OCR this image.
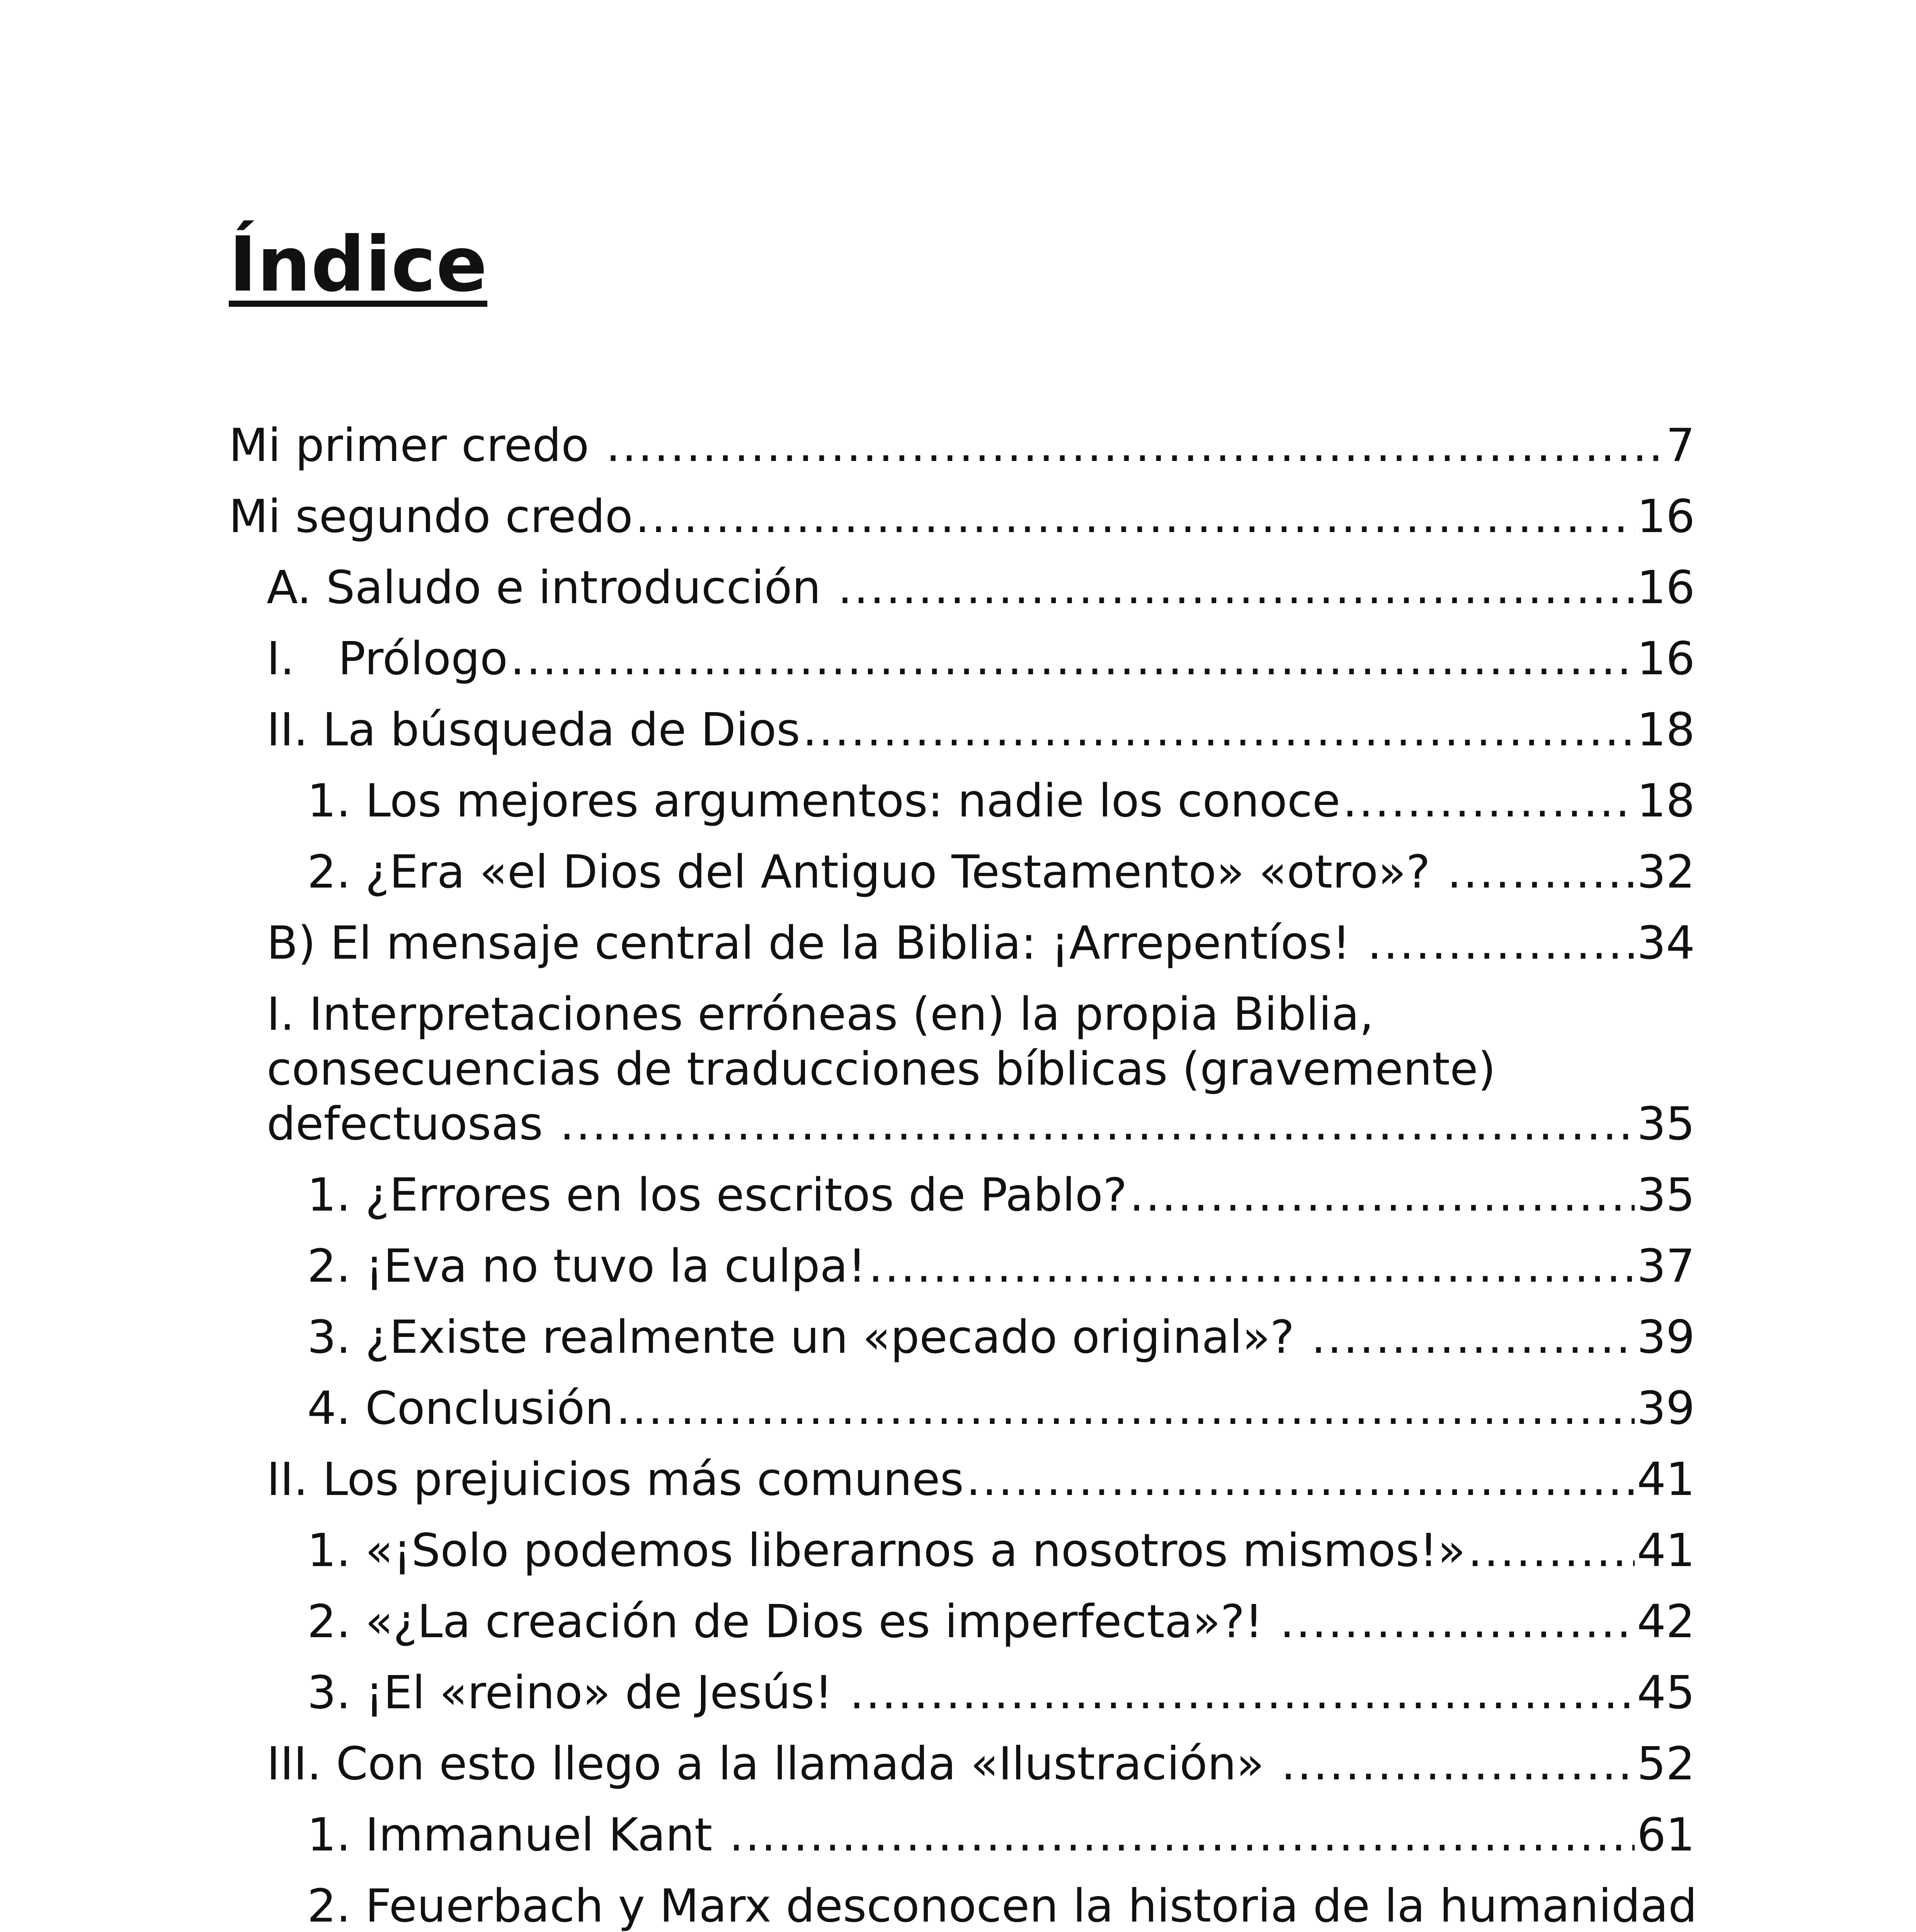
Índice
Mi primer credo .....	7
Mi segundo credo .....	16
A. Saludo e introducción .....	16
I.   Prólogo .....	16
II. La búsqueda de Dios .....	18
1. Los mejores argumentos: nadie los conoce .....	18
2. ¿Era «el Dios del Antiguo Testamento» «otro»? .....	32
B) El mensaje central de la Biblia: ¡Arrepentíos! .....	34
I. Interpretaciones erróneas (en) la propia Biblia,
consecuencias de traducciones bíblicas (gravemente)
defectuosas .....	35
1. ¿Errores en los escritos de Pablo? .....	35
2. ¡Eva no tuvo la culpa! .....	37
3. ¿Existe realmente un «pecado original»? .....	39
4. Conclusión .....	39
II. Los prejuicios más comunes .....	41
1. «¡Solo podemos liberarnos a nosotros mismos!» .....	41
2. «¿La creación de Dios es imperfecta»?! .....	42
3. ¡El «reino» de Jesús! .....	45
III. Con esto llego a la llamada «Ilustración» .....	52
1. Immanuel Kant .....	61
2. Feuerbach y Marx desconocen la historia de la humanidad

.....
